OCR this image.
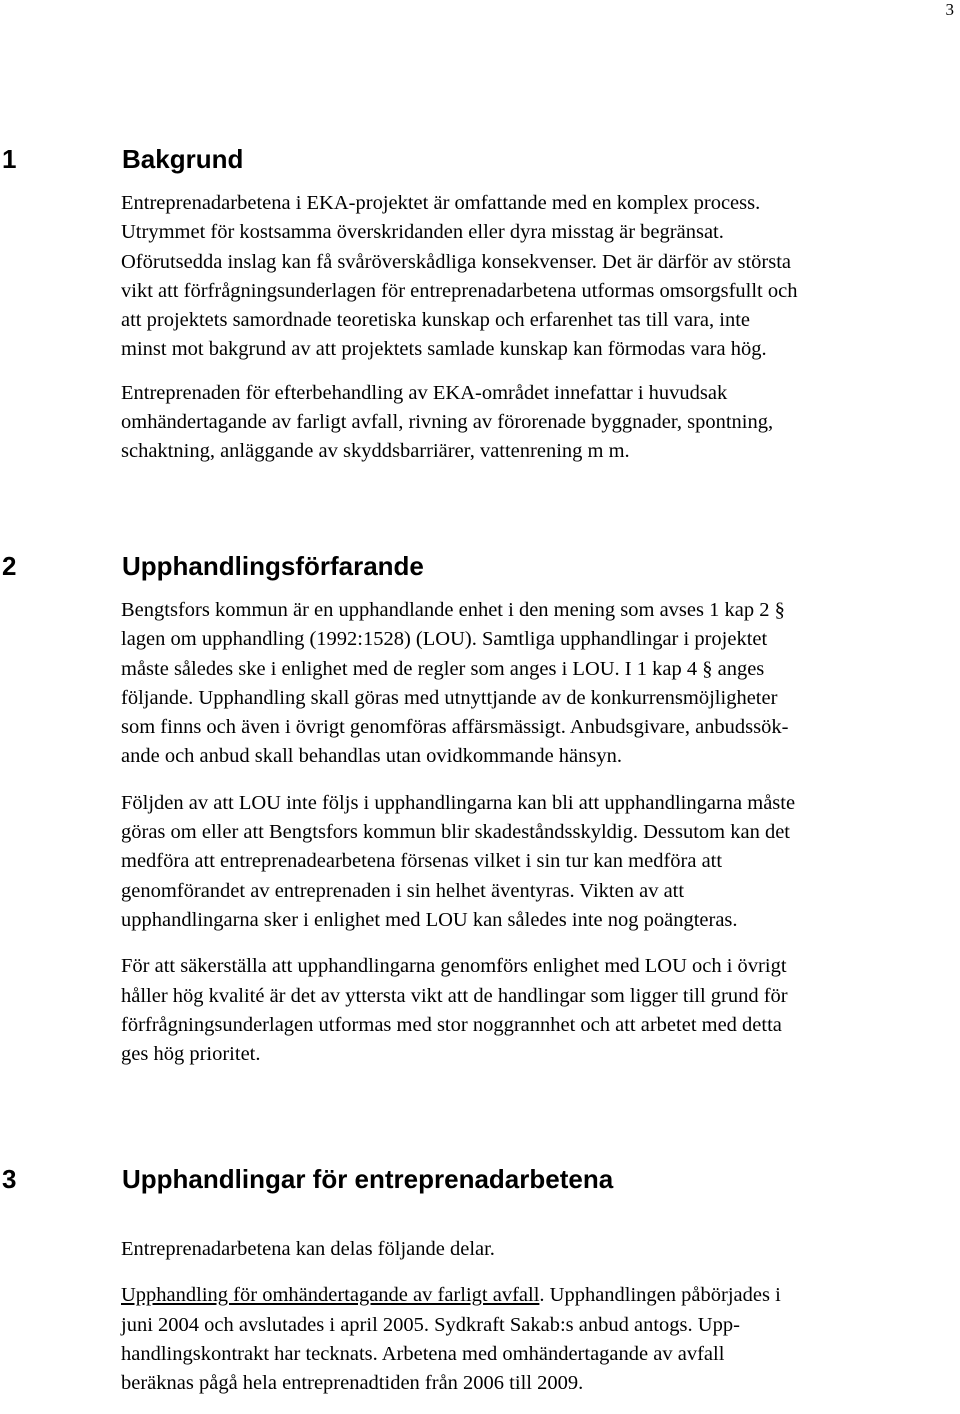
3
1	Bakgrund
Entreprenadarbetena i EKA-projektet är omfattande med en komplex process.
Utrymmet för kostsamma överskridanden eller dyra misstag är begränsat.
Oförutsedda inslag kan få svåröverskådliga konsekvenser. Det är därför av största
vikt att förfrågningsunderlagen för entreprenadarbetena utformas omsorgsfullt och
att projektets samordnade teoretiska kunskap och erfarenhet tas till vara, inte
minst mot bakgrund av att projektets samlade kunskap kan förmodas vara hög.
Entreprenaden för efterbehandling av EKA-området innefattar i huvudsak
omhändertagande av farligt avfall, rivning av förorenade byggnader, spontning,
schaktning, anläggande av skyddsbarriärer, vattenrening m m.
2	Upphandlingsförfarande
Bengtsfors kommun är en upphandlande enhet i den mening som avses 1 kap 2 §
lagen om upphandling (1992:1528) (LOU). Samtliga upphandlingar i projektet
måste således ske i enlighet med de regler som anges i LOU. I 1 kap 4 § anges
följande. Upphandling skall göras med utnyttjande av de konkurrensmöjligheter
som finns och även i övrigt genomföras affärsmässigt. Anbudsgivare, anbudssök-
ande och anbud skall behandlas utan ovidkommande hänsyn.
Följden av att LOU inte följs i upphandlingarna kan bli att upphandlingarna måste
göras om eller att Bengtsfors kommun blir skadeståndsskyldig. Dessutom kan det
medföra att entreprenadearbetena försenas vilket i sin tur kan medföra att
genomförandet av entreprenaden i sin helhet äventyras. Vikten av att
upphandlingarna sker i enlighet med LOU kan således inte nog poängteras.
För att säkerställa att upphandlingarna genomförs enlighet med LOU och i övrigt
håller hög kvalité är det av yttersta vikt att de handlingar som ligger till grund för
förfrågningsunderlagen utformas med stor noggrannhet och att arbetet med detta
ges hög prioritet.
3	Upphandlingar för entreprenadarbetena
Entreprenadarbetena kan delas följande delar.
Upphandling för omhändertagande av farligt avfall. Upphandlingen påbörjades i
juni 2004 och avslutades i april 2005. Sydkraft Sakab:s anbud antogs. Upp-
handlingskontrakt har tecknats. Arbetena med omhändertagande av avfall
beräknas pågå hela entreprenadtiden från 2006 till 2009.
